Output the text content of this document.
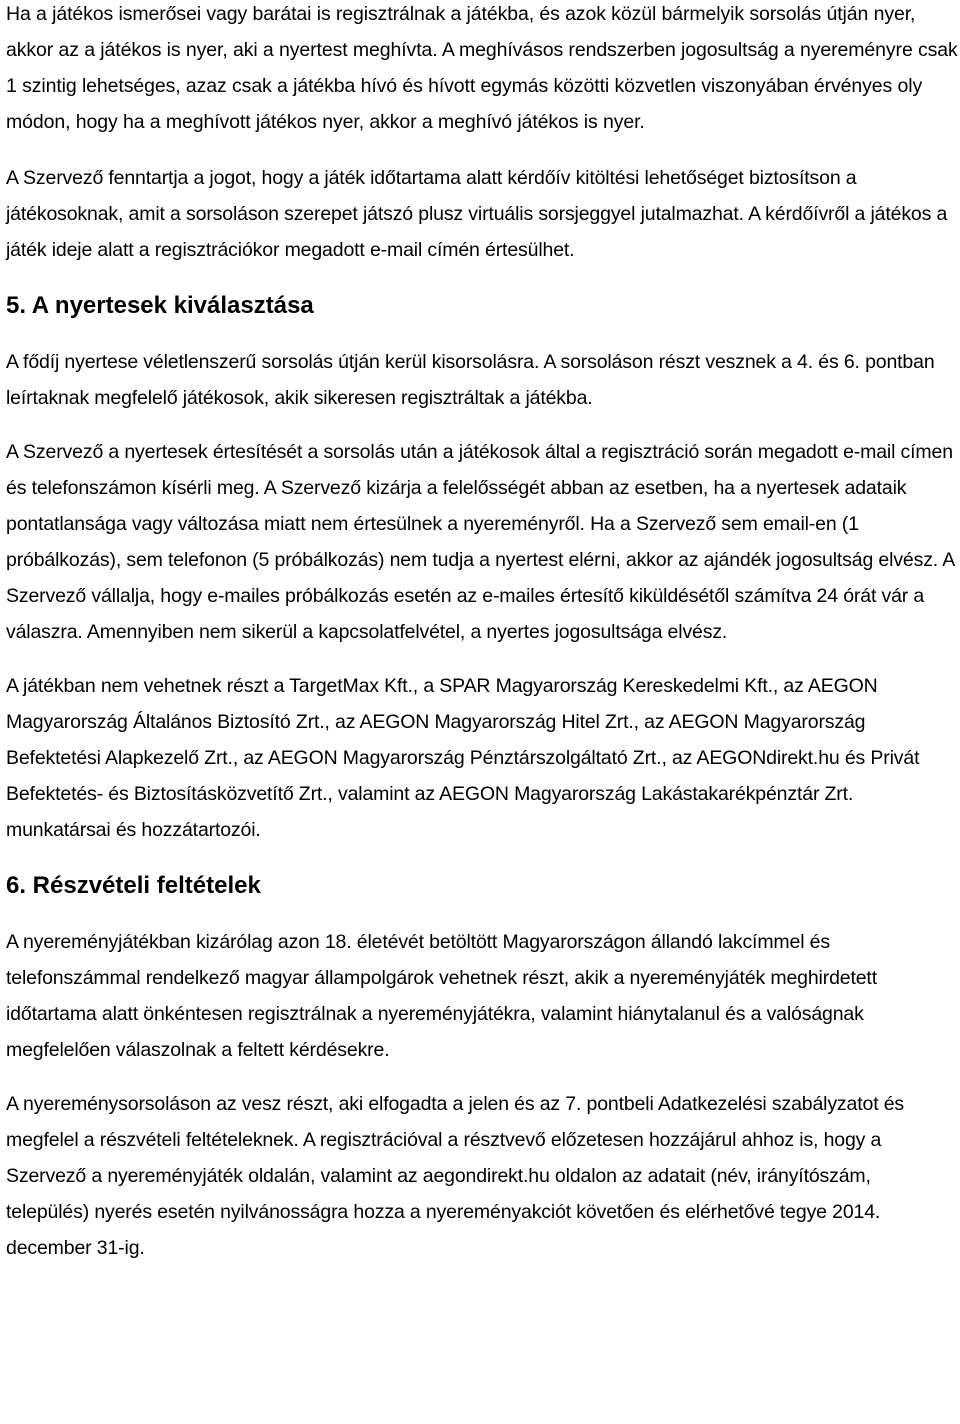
Ha a játékos ismerősei vagy barátai is regisztrálnak a játékba, és azok közül bármelyik sorsolás útján nyer, akkor az a játékos is nyer, aki a nyertest meghívta. A meghívásos rendszerben jogosultság a nyereményre csak 1 szintig lehetséges, azaz csak a játékba hívó és hívott egymás közötti közvetlen viszonyában érvényes oly módon, hogy ha a meghívott játékos nyer, akkor a meghívó játékos is nyer.

A Szervező fenntartja a jogot, hogy a játék időtartama alatt kérdőív kitöltési lehetőséget biztosítson a játékosoknak, amit a sorsoláson szerepet játszó plusz virtuális sorsjeggyel jutalmazhat. A kérdőívről a játékos a játék ideje alatt a regisztrációkor megadott e-mail címén értesülhet.

5. A nyertesek kiválasztása

A fődíj nyertese véletlenszerű sorsolás útján kerül kisorsolásra. A sorsoláson részt vesznek a 4. és 6. pontban leírtaknak megfelelő játékosok, akik sikeresen regisztráltak a játékba.

A Szervező a nyertesek értesítését a sorsolás után a játékosok által a regisztráció során megadott e-mail címen és telefonszámon kísérli meg. A Szervező kizárja a felelősségét abban az esetben, ha a nyertesek adataik pontatlansága vagy változása miatt nem értesülnek a nyereményről. Ha a Szervező sem email-en (1 próbálkozás), sem telefonon (5 próbálkozás) nem tudja a nyertest elérni, akkor az ajándék jogosultság elvész. A Szervező vállalja, hogy e-mailes próbálkozás esetén az e-mailes értesítő kiküldésétől számítva 24 órát vár a válaszra. Amennyiben nem sikerül a kapcsolatfelvétel, a nyertes jogosultsága elvész.

A játékban nem vehetnek részt a TargetMax Kft., a SPAR Magyarország Kereskedelmi Kft., az AEGON Magyarország Általános Biztosító Zrt., az AEGON Magyarország Hitel Zrt., az AEGON Magyarország Befektetési Alapkezelő Zrt., az AEGON Magyarország Pénztárszolgáltató Zrt., az AEGONdirekt.hu és Privát Befektetés- és Biztosításközvetítő Zrt., valamint az AEGON Magyarország Lakástakarékpénztár Zrt. munkatársai és hozzátartozói.

6. Részvételi feltételek

A nyereményjátékban kizárólag azon 18. életévét betöltött Magyarországon állandó lakcímmel és telefonszámmal rendelkező magyar állampolgárok vehetnek részt, akik a nyereményjáték meghirdetett időtartama alatt önkéntesen regisztrálnak a nyereményjátékra, valamint hiánytalanul és a valóságnak megfelelően válaszolnak a feltett kérdésekre.

A nyereménysorsoláson az vesz részt, aki elfogadta a jelen és az 7. pontbeli Adatkezelési szabályzatot és megfelel a részvételi feltételeknek. A regisztrációval a résztvevő előzetesen hozzájárul ahhoz is, hogy a Szervező a nyereményjáték oldalán, valamint az aegondirekt.hu oldalon az adatait (név, irányítószám, település) nyerés esetén nyilvánosságra hozza a nyereményakciót követően és elérhetővé tegye 2014. december 31-ig.
